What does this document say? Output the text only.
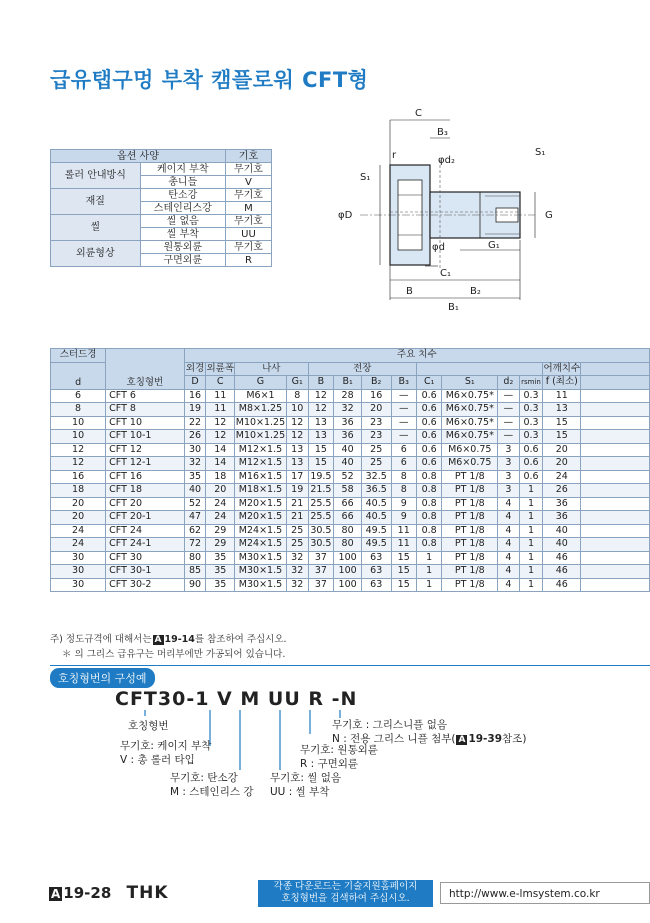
급유탭구멍 부착 캠플로워 CFT형
옵션 사양		기호
롤러 안내방식	케이지 부착	무기호
	총니들	V
재질	탄소강	무기호
	스테인리스강	M
씰	씰 없음	무기호
	씰 부착	UU
외륜형상	원통외륜	무기호
	구면외륜	R
C
B₃
φd₂
r
S₁
S₁
φD	G
φd	G₁
C₁
B	B₂
B₁
스터드경	호칭형번	주요 치수													
d		외경	외륜폭	나사		전장								어깨치수	
		D	C	G	G₁	B	B₁	B₂	B₃	C₁	S₁	d₂	rsmin	f (최소)	
6	CFT 6	16	11	M6×1	8	12	28	16	—	0.6	M6×0.75*	—	0.3	11	
8	CFT 8	19	11	M8×1.25	10	12	32	20	—	0.6	M6×0.75*	—	0.3	13	
10	CFT 10	22	12	M10×1.25	12	13	36	23	—	0.6	M6×0.75*	—	0.3	15	
10	CFT 10-1	26	12	M10×1.25	12	13	36	23	—	0.6	M6×0.75*	—	0.3	15	
12	CFT 12	30	14	M12×1.5	13	15	40	25	6	0.6	M6×0.75	3	0.6	20	
12	CFT 12-1	32	14	M12×1.5	13	15	40	25	6	0.6	M6×0.75	3	0.6	20	
16	CFT 16	35	18	M16×1.5	17	19.5	52	32.5	8	0.8	PT 1/8	3	0.6	24	
18	CFT 18	40	20	M18×1.5	19	21.5	58	36.5	8	0.8	PT 1/8	3	1	26	
20	CFT 20	52	24	M20×1.5	21	25.5	66	40.5	9	0.8	PT 1/8	4	1	36	
20	CFT 20-1	47	24	M20×1.5	21	25.5	66	40.5	9	0.8	PT 1/8	4	1	36	
24	CFT 24	62	29	M24×1.5	25	30.5	80	49.5	11	0.8	PT 1/8	4	1	40	
24	CFT 24-1	72	29	M24×1.5	25	30.5	80	49.5	11	0.8	PT 1/8	4	1	40	
30	CFT 30	80	35	M30×1.5	32	37	100	63	15	1	PT 1/8	4	1	46	
30	CFT 30-1	85	35	M30×1.5	32	37	100	63	15	1	PT 1/8	4	1	46	
30	CFT 30-2	90	35	M30×1.5	32	37	100	63	15	1	PT 1/8	4	1	46	
주) 정도규격에 대해서는 A 19-14를 참조하여 주십시오.
＊ 의 그리스 급유구는 머리부에만 가공되어 있습니다.
호칭형번의 구성예
CFT30-1 V M UU R -N
호칭형번
무기호: 케이지 부착
V : 총 롤러 타입
무기호: 탄소강
M : 스테인리스 강
무기호: 씰 없음
UU : 씰 부착
무기호: 원통외륜
R : 구면외륜
무기호 : 그리스니플 없음
N : 전용 그리스 니플 첨부( A 19-39참조)
A 19-28 THK	각종 다운로드는 기술지원홈페이지
호칭형번을 검색하여 주십시오.	http://www.e-lmsystem.co.kr
